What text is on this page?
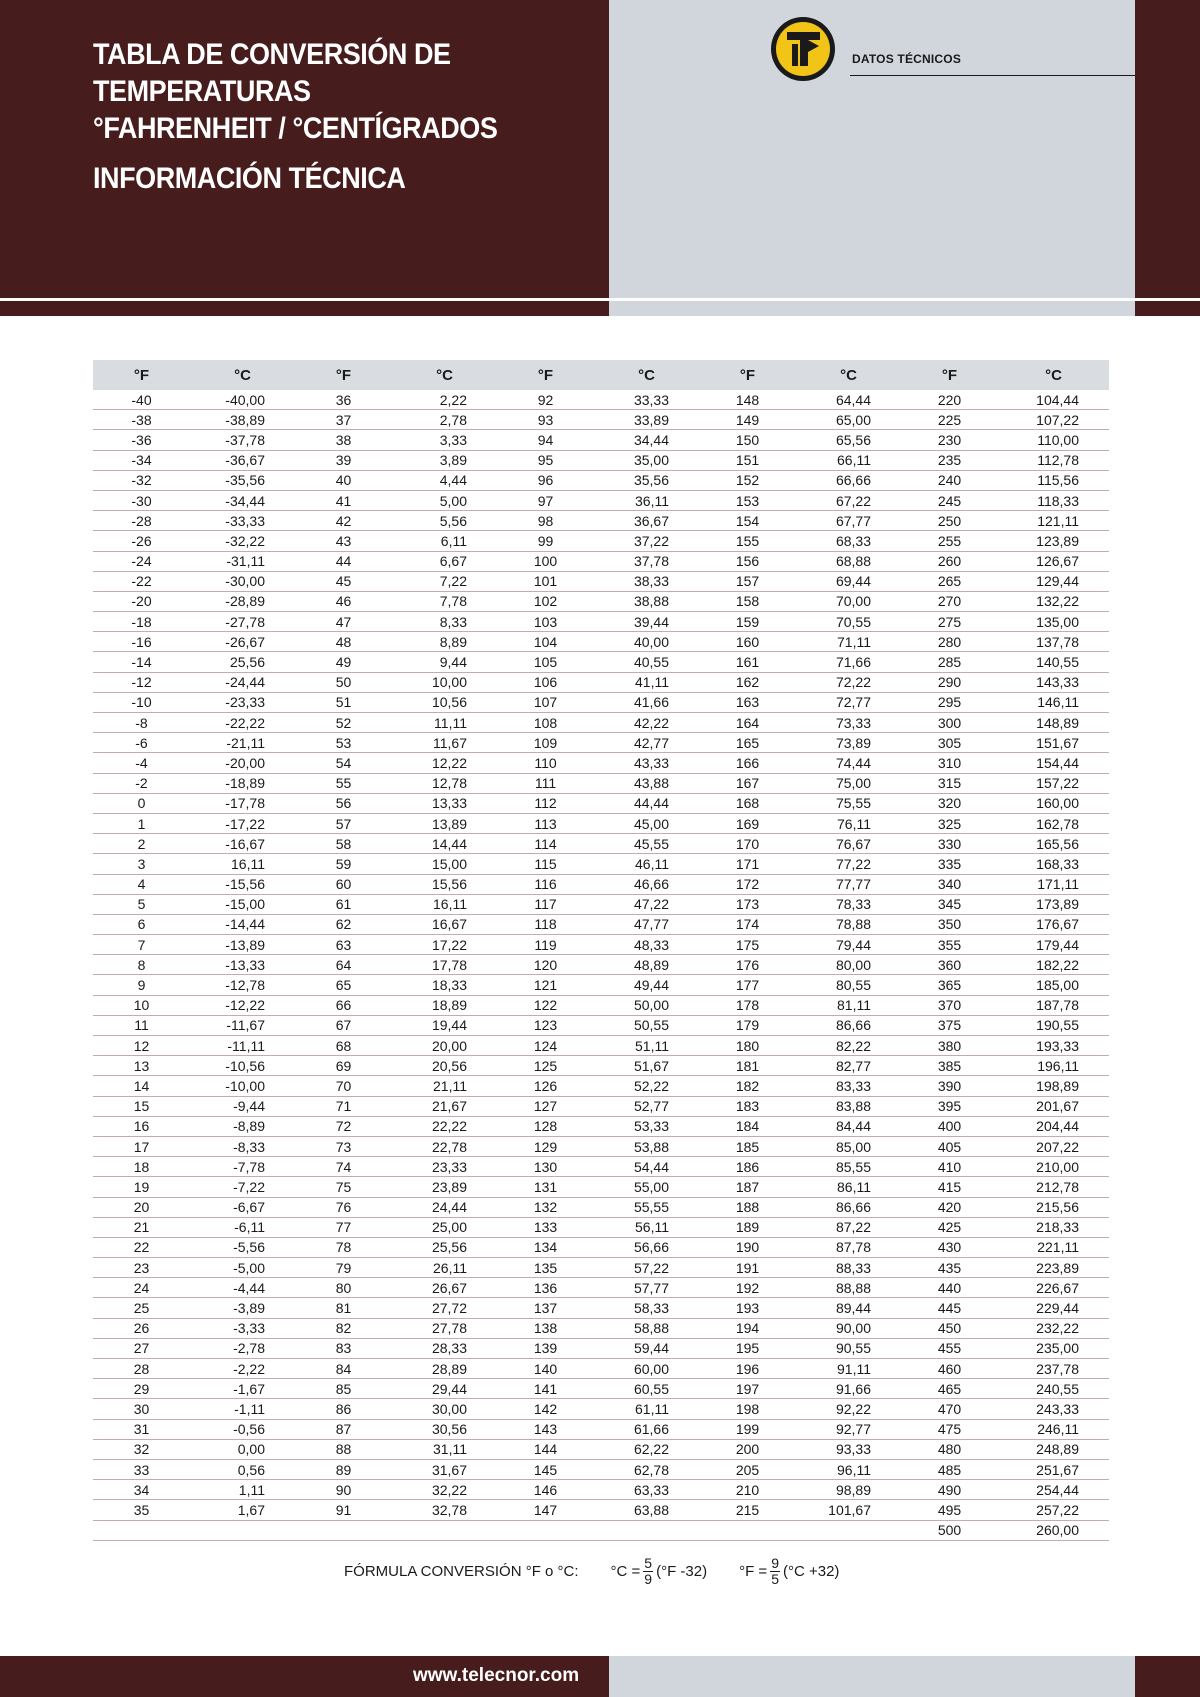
TABLA DE CONVERSIÓN DE
TEMPERATURAS
°FAHRENHEIT / °CENTÍGRADOS
INFORMACIÓN TÉCNICA
DATOS TÉCNICOS
°F	°C	°F	°C	°F	°C	°F	°C	°F	°C
-40	-40,00	36	2,22	92	33,33	148	64,44	220	104,44
-38	-38,89	37	2,78	93	33,89	149	65,00	225	107,22
-36	-37,78	38	3,33	94	34,44	150	65,56	230	110,00
-34	-36,67	39	3,89	95	35,00	151	66,11	235	112,78
-32	-35,56	40	4,44	96	35,56	152	66,66	240	115,56
-30	-34,44	41	5,00	97	36,11	153	67,22	245	118,33
-28	-33,33	42	5,56	98	36,67	154	67,77	250	121,11
-26	-32,22	43	6,11	99	37,22	155	68,33	255	123,89
-24	-31,11	44	6,67	100	37,78	156	68,88	260	126,67
-22	-30,00	45	7,22	101	38,33	157	69,44	265	129,44
-20	-28,89	46	7,78	102	38,88	158	70,00	270	132,22
-18	-27,78	47	8,33	103	39,44	159	70,55	275	135,00
-16	-26,67	48	8,89	104	40,00	160	71,11	280	137,78
-14	25,56	49	9,44	105	40,55	161	71,66	285	140,55
-12	-24,44	50	10,00	106	41,11	162	72,22	290	143,33
-10	-23,33	51	10,56	107	41,66	163	72,77	295	146,11
-8	-22,22	52	11,11	108	42,22	164	73,33	300	148,89
-6	-21,11	53	11,67	109	42,77	165	73,89	305	151,67
-4	-20,00	54	12,22	110	43,33	166	74,44	310	154,44
-2	-18,89	55	12,78	111	43,88	167	75,00	315	157,22
0	-17,78	56	13,33	112	44,44	168	75,55	320	160,00
1	-17,22	57	13,89	113	45,00	169	76,11	325	162,78
2	-16,67	58	14,44	114	45,55	170	76,67	330	165,56
3	16,11	59	15,00	115	46,11	171	77,22	335	168,33
4	-15,56	60	15,56	116	46,66	172	77,77	340	171,11
5	-15,00	61	16,11	117	47,22	173	78,33	345	173,89
6	-14,44	62	16,67	118	47,77	174	78,88	350	176,67
7	-13,89	63	17,22	119	48,33	175	79,44	355	179,44
8	-13,33	64	17,78	120	48,89	176	80,00	360	182,22
9	-12,78	65	18,33	121	49,44	177	80,55	365	185,00
10	-12,22	66	18,89	122	50,00	178	81,11	370	187,78
11	-11,67	67	19,44	123	50,55	179	86,66	375	190,55
12	-11,11	68	20,00	124	51,11	180	82,22	380	193,33
13	-10,56	69	20,56	125	51,67	181	82,77	385	196,11
14	-10,00	70	21,11	126	52,22	182	83,33	390	198,89
15	-9,44	71	21,67	127	52,77	183	83,88	395	201,67
16	-8,89	72	22,22	128	53,33	184	84,44	400	204,44
17	-8,33	73	22,78	129	53,88	185	85,00	405	207,22
18	-7,78	74	23,33	130	54,44	186	85,55	410	210,00
19	-7,22	75	23,89	131	55,00	187	86,11	415	212,78
20	-6,67	76	24,44	132	55,55	188	86,66	420	215,56
21	-6,11	77	25,00	133	56,11	189	87,22	425	218,33
22	-5,56	78	25,56	134	56,66	190	87,78	430	221,11
23	-5,00	79	26,11	135	57,22	191	88,33	435	223,89
24	-4,44	80	26,67	136	57,77	192	88,88	440	226,67
25	-3,89	81	27,72	137	58,33	193	89,44	445	229,44
26	-3,33	82	27,78	138	58,88	194	90,00	450	232,22
27	-2,78	83	28,33	139	59,44	195	90,55	455	235,00
28	-2,22	84	28,89	140	60,00	196	91,11	460	237,78
29	-1,67	85	29,44	141	60,55	197	91,66	465	240,55
30	-1,11	86	30,00	142	61,11	198	92,22	470	243,33
31	-0,56	87	30,56	143	61,66	199	92,77	475	246,11
32	0,00	88	31,11	144	62,22	200	93,33	480	248,89
33	0,56	89	31,67	145	62,78	205	96,11	485	251,67
34	1,11	90	32,22	146	63,33	210	98,89	490	254,44
35	1,67	91	32,78	147	63,88	215	101,67	495	257,22
								500	260,00
FÓRMULA CONVERSIÓN °F o °C: $^\circ C = \frac{5}{9} (^\circ F$ -32) $^\circ F = \frac{9}{5} (^\circ C +32)$
www.telecnor.com
